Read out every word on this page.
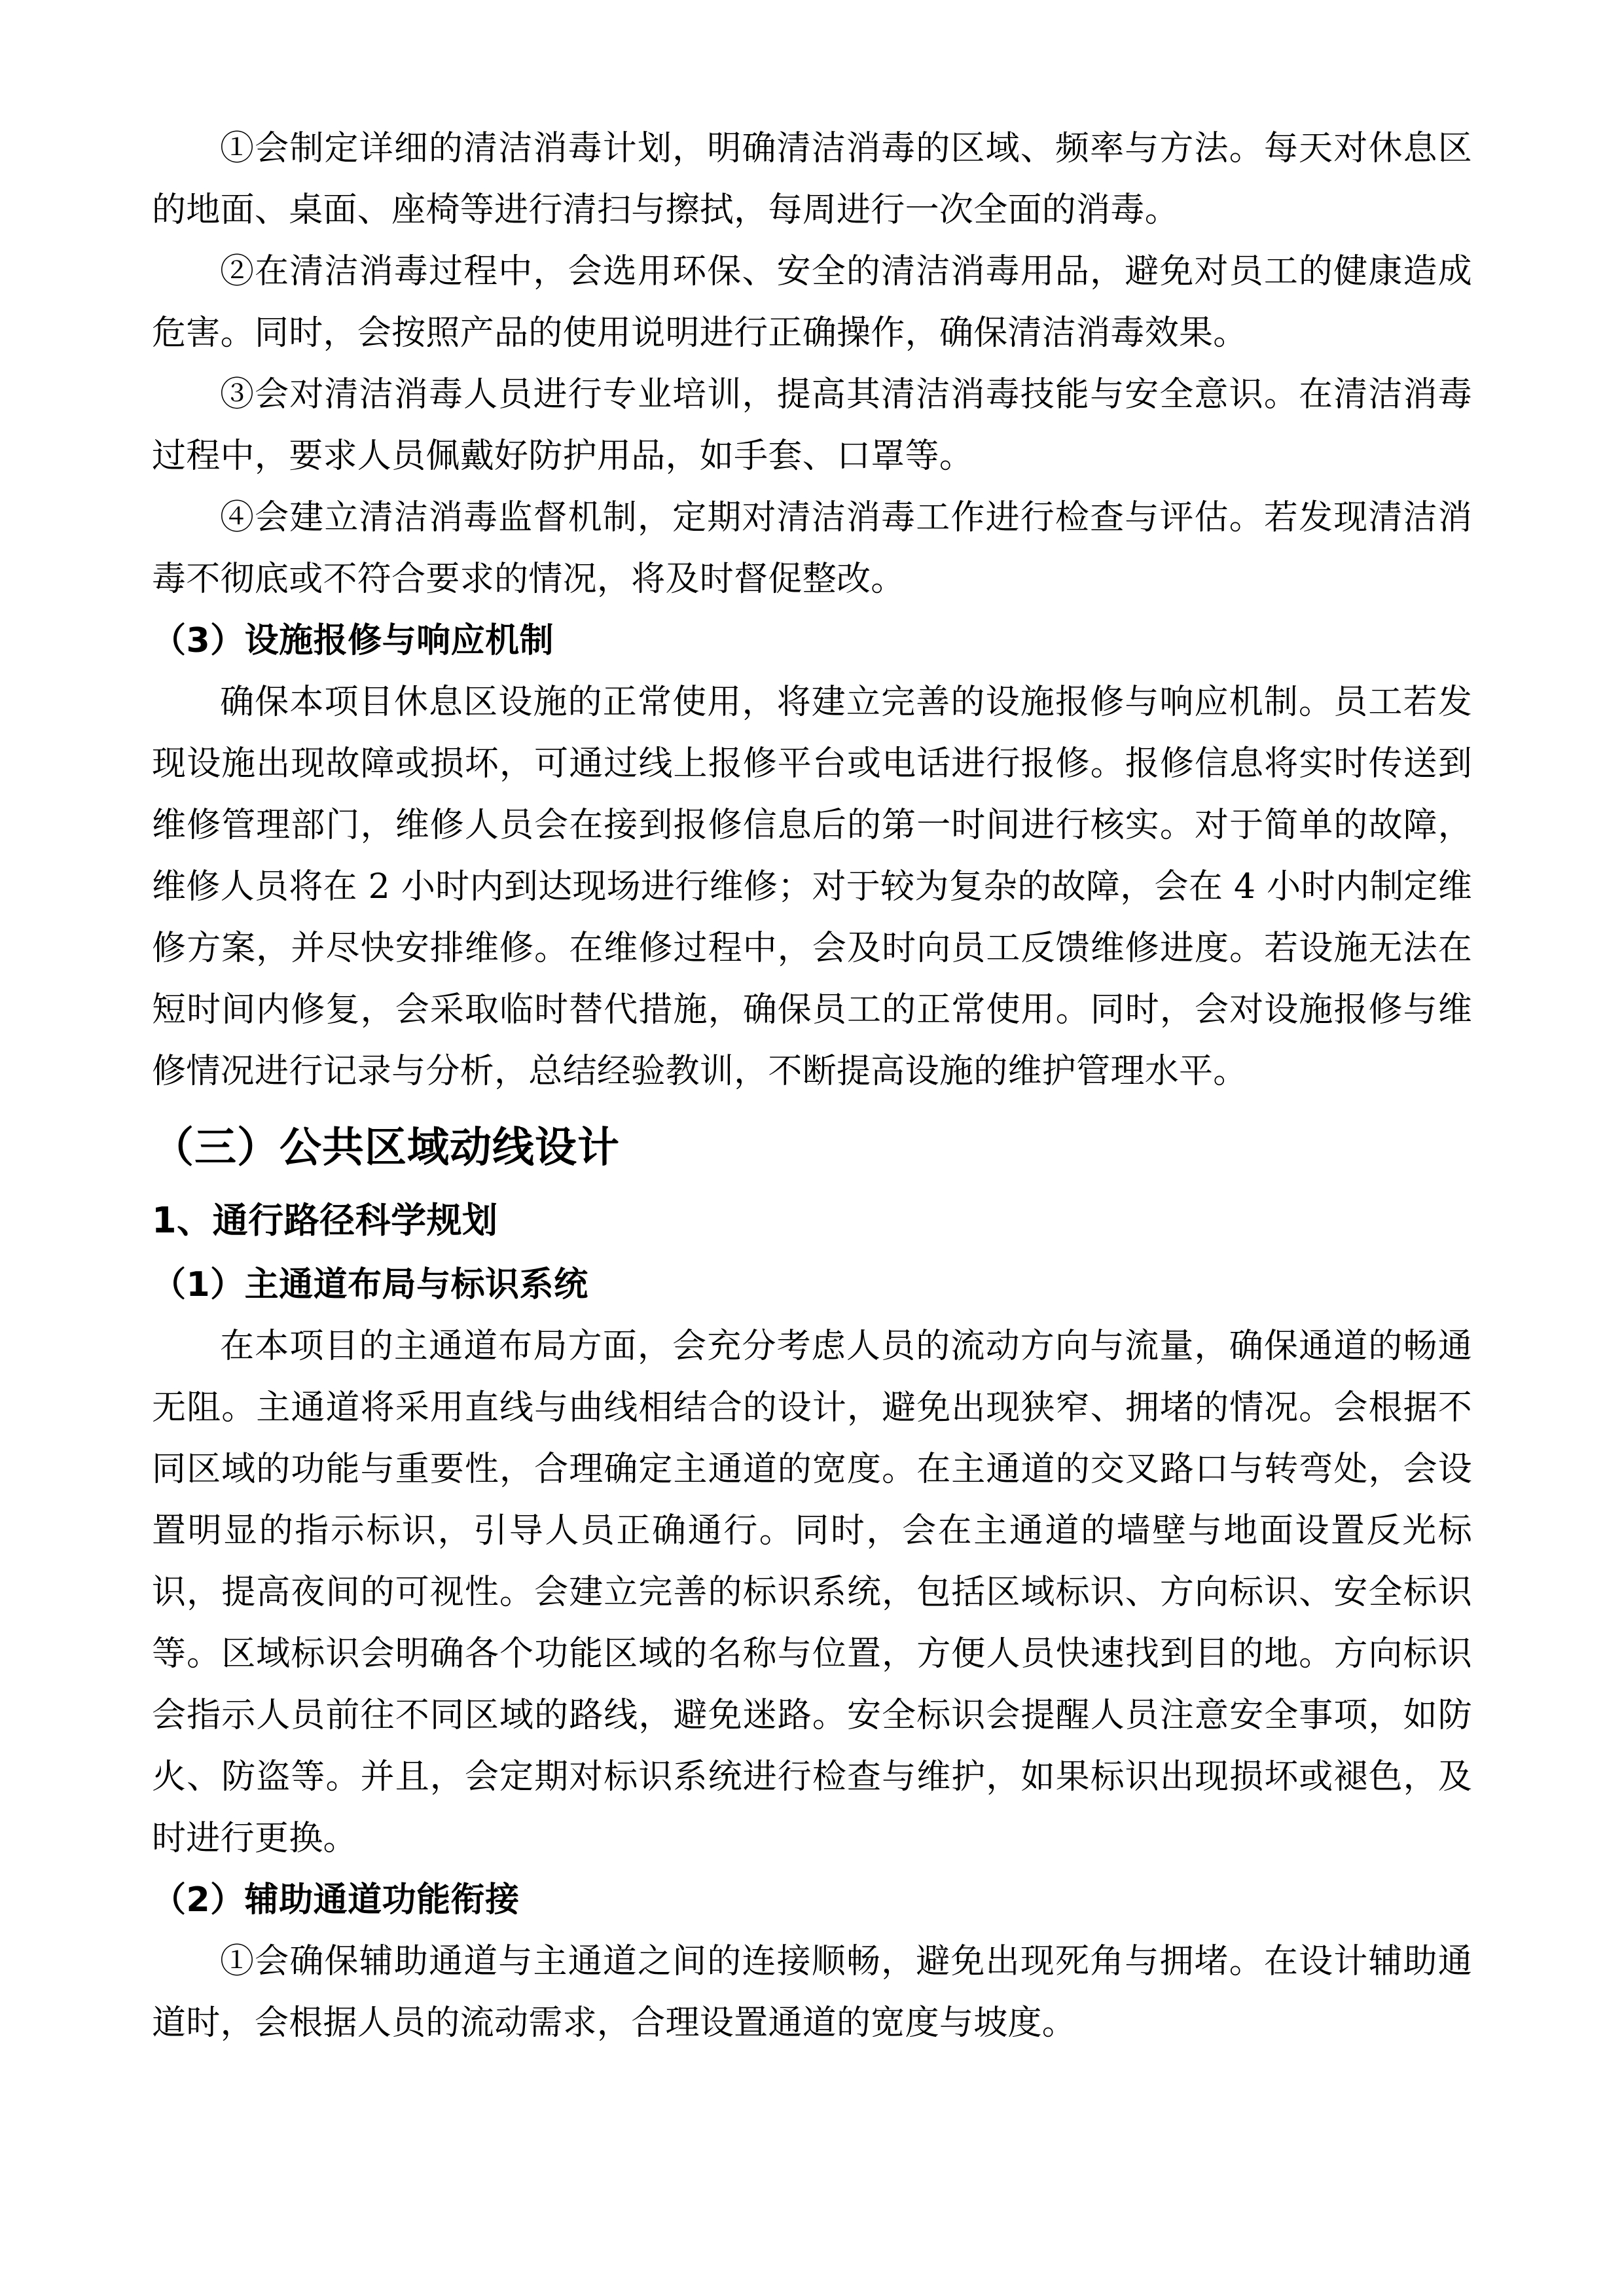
①会制定详细的清洁消毒计划，明确清洁消毒的区域、频率与方法。每天对休息区的地面、桌面、座椅等进行清扫与擦拭，每周进行一次全面的消毒。

②在清洁消毒过程中，会选用环保、安全的清洁消毒用品，避免对员工的健康造成危害。同时，会按照产品的使用说明进行正确操作，确保清洁消毒效果。

③会对清洁消毒人员进行专业培训，提高其清洁消毒技能与安全意识。在清洁消毒过程中，要求人员佩戴好防护用品，如手套、口罩等。

④会建立清洁消毒监督机制，定期对清洁消毒工作进行检查与评估。若发现清洁消毒不彻底或不符合要求的情况，将及时督促整改。

（3）设施报修与响应机制

确保本项目休息区设施的正常使用，将建立完善的设施报修与响应机制。员工若发现设施出现故障或损坏，可通过线上报修平台或电话进行报修。报修信息将实时传送到维修管理部门，维修人员会在接到报修信息后的第一时间进行核实。对于简单的故障，维修人员将在 2 小时内到达现场进行维修；对于较为复杂的故障，会在 4 小时内制定维修方案，并尽快安排维修。在维修过程中，会及时向员工反馈维修进度。若设施无法在短时间内修复，会采取临时替代措施，确保员工的正常使用。同时，会对设施报修与维修情况进行记录与分析，总结经验教训，不断提高设施的维护管理水平。

（三）公共区域动线设计
1、通行路径科学规划
（1）主通道布局与标识系统

在本项目的主通道布局方面，会充分考虑人员的流动方向与流量，确保通道的畅通无阻。主通道将采用直线与曲线相结合的设计，避免出现狭窄、拥堵的情况。会根据不同区域的功能与重要性，合理确定主通道的宽度。在主通道的交叉路口与转弯处，会设置明显的指示标识，引导人员正确通行。同时，会在主通道的墙壁与地面设置反光标识，提高夜间的可视性。会建立完善的标识系统，包括区域标识、方向标识、安全标识等。区域标识会明确各个功能区域的名称与位置，方便人员快速找到目的地。方向标识会指示人员前往不同区域的路线，避免迷路。安全标识会提醒人员注意安全事项，如防火、防盗等。并且，会定期对标识系统进行检查与维护，如果标识出现损坏或褪色，及时进行更换。

（2）辅助通道功能衔接

①会确保辅助通道与主通道之间的连接顺畅，避免出现死角与拥堵。在设计辅助通道时，会根据人员的流动需求，合理设置通道的宽度与坡度。
